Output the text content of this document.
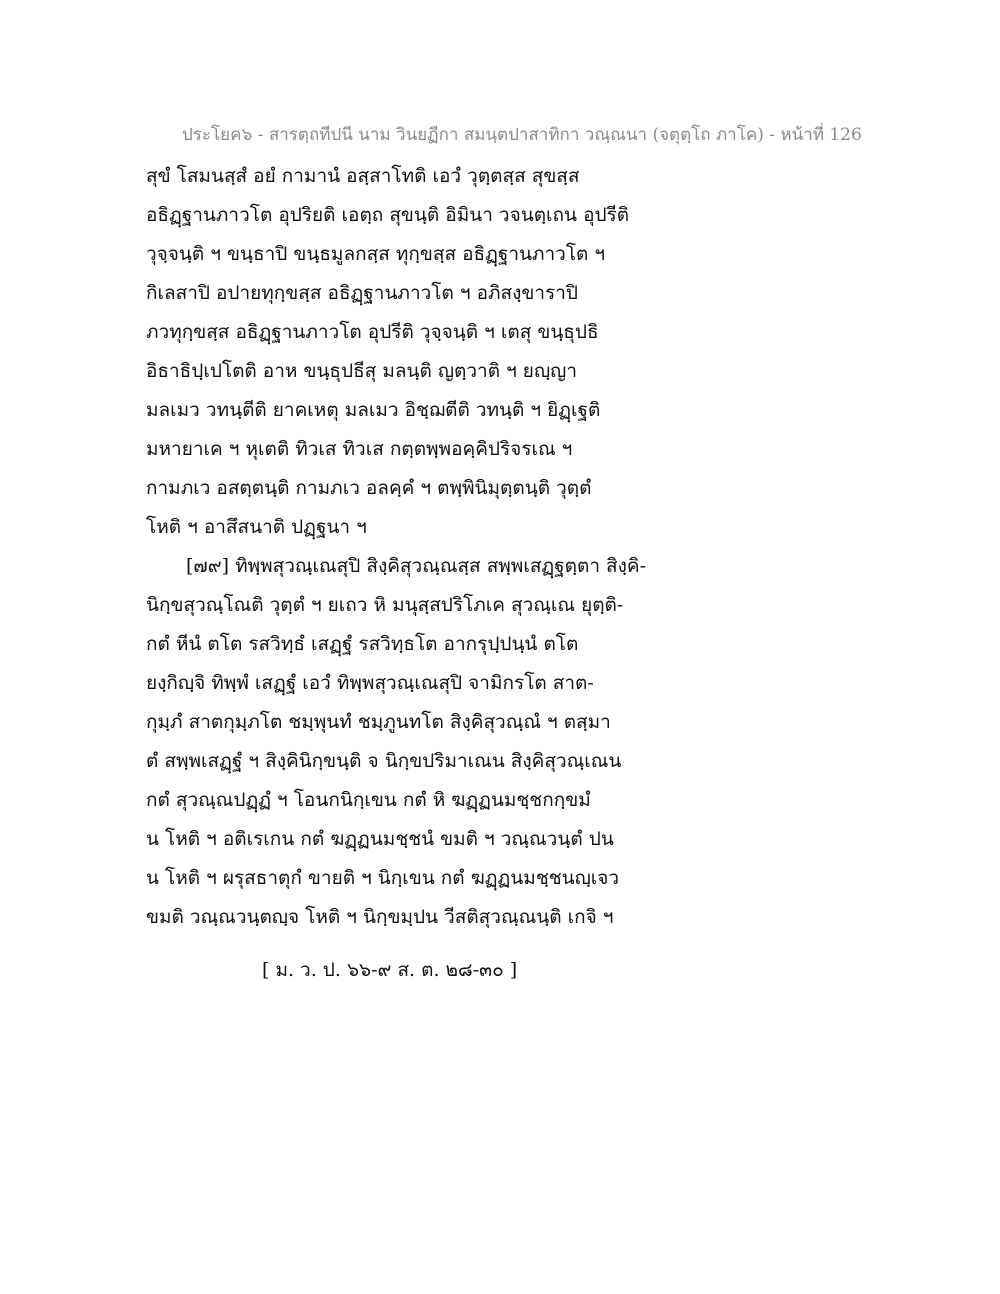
ประโยค๖ - สารตฺถทีปนี นาม วินยฏีกา สมนฺตปาสาทิกา วณฺณนา (จตุตฺโถ ภาโค) - หน้าที่ 126
สุขํ โสมนสฺสํ อยํ กามานํ อสฺสาโทติ เอวํ วุตฺตสฺส สุขสฺส
อธิฏฺฐานภาวโต อุปริยติ เอตฺถ สุขนฺติ อิมินา วจนตฺเถน อุปรีติ
วุจฺจนฺติ ฯ ขนฺธาปิ ขนฺธมูลกสฺส ทุกฺขสฺส อธิฏฺฐานภาวโต ฯ
กิเลสาปิ อปายทุกฺขสฺส อธิฏฺฐานภาวโต ฯ อภิสงฺขาราปิ
ภวทุกฺขสฺส อธิฏฺฐานภาวโต อุปรีติ วุจฺจนฺติ ฯ เตสุ ขนฺธุปธิ
อิธาธิปฺเปโตติ อาห ขนฺธุปธีสุ มลนฺติ ญตฺวาติ ฯ ยญฺญา
มลเมว วทนฺตีติ ยาคเหตุ มลเมว อิชฺฌตีติ วทนฺติ ฯ ยิฏฺเฐติ
มหายาเค ฯ หุเตติ ทิวเส ทิวเส กตฺตพฺพอคฺคิปริจรเณ ฯ
กามภเว อสตฺตนฺติ กามภเว อลคฺคํ ฯ ตพฺพินิมุตฺตนฺติ วุตฺตํ
โหติ ฯ อาสึสนาติ ปฏฺฐนา ฯ
[๗๙] ทิพฺพสุวณฺเณสุปิ สิงฺคิสุวณฺณสฺส สพฺพเสฏฺฐตฺตา สิงฺคิ-
นิกฺขสุวณฺโณติ วุตฺตํ ฯ ยเถว หิ มนุสฺสปริโภเค สุวณฺเณ ยุตฺติ-
กตํ หีนํ ตโต รสวิทฺธํ เสฏฺฐํ รสวิทฺธโต อากรุปฺปนฺนํ ตโต
ยงฺกิญฺจิ ทิพฺพํ เสฏฺฐํ เอวํ ทิพฺพสุวณฺเณสุปิ จามิกรโต สาต-
กุมฺภํ สาตกุมฺภโต ชมฺพุนทํ ชมฺภูนทโต สิงฺคิสุวณฺณํ ฯ ตสฺมา
ตํ สพฺพเสฏฺฐํ ฯ สิงฺคินิกฺขนฺติ จ นิกฺขปริมาเณน สิงฺคิสุวณฺเณน
กตํ สุวณฺณปฏฺฏํ ฯ โอนกนิกฺเขน กตํ หิ ฆฏฺฏนมชฺชกกฺขมํ
น โหติ ฯ อติเรเกน กตํ ฆฏฺฏนมชฺชนํ ขมติ ฯ วณฺณวนฺตํ ปน
น โหติ ฯ ผรุสธาตุกํ ขายติ ฯ นิกฺเขน กตํ ฆฏฺฏนมชฺชนญฺเจว
ขมติ วณฺณวนฺตญฺจ โหติ ฯ นิกฺขมฺปน วีสติสุวณฺณนฺติ เกจิ ฯ
[ ม. ว. ป. ๖๖-๙ ส. ต. ๒๘-๓๐ ]
